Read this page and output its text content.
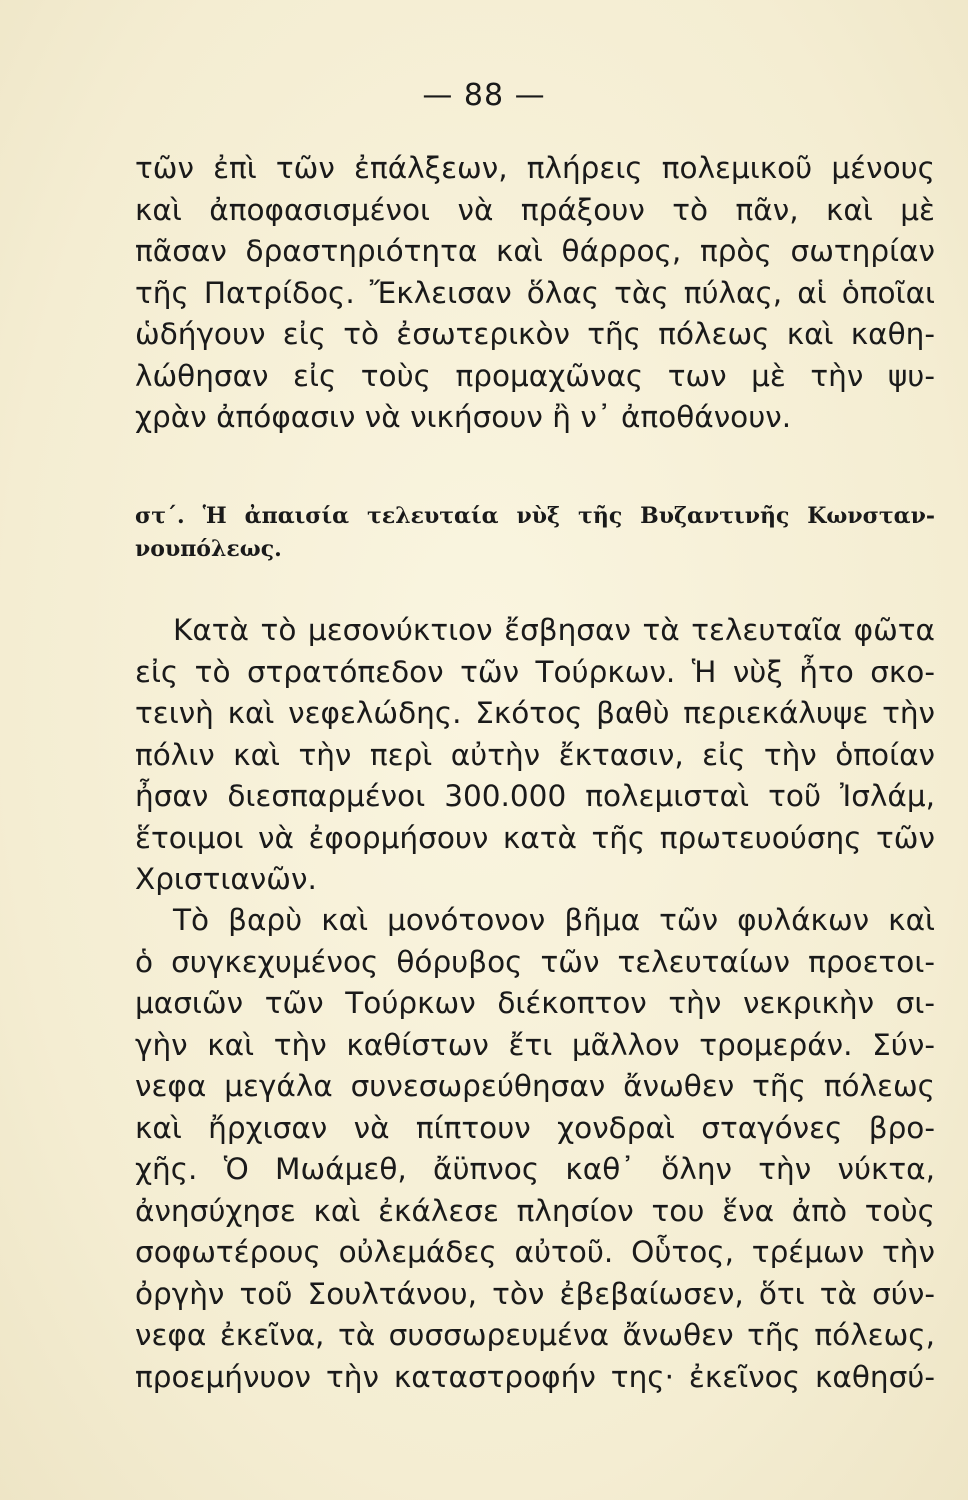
— 88 —
τῶν ἐπὶ τῶν ἐπάλξεων, πλήρεις πολεμικοῦ μένους
καὶ ἀποφασισμένοι νὰ πράξουν τὸ πᾶν, καὶ μὲ
πᾶσαν δραστηριότητα καὶ θάρρος, πρὸς σωτηρίαν
τῆς Πατρίδος. Ἔκλεισαν ὅλας τὰς πύλας, αἱ ὁποῖαι
ὡδήγουν εἰς τὸ ἐσωτερικὸν τῆς πόλεως καὶ καθη-
λώθησαν εἰς τοὺς προμαχῶνας των μὲ τὴν ψυ-
χρὰν ἀπόφασιν νὰ νικήσουν ἢ ν᾿ ἀποθάνουν.
στ΄. Ἡ ἀπαισία τελευταία νὺξ τῆς Βυζαντινῆς Κωνσταν-
νουπόλεως.
Κατὰ τὸ μεσονύκτιον ἔσβησαν τὰ τελευταῖα φῶτα
εἰς τὸ στρατόπεδον τῶν Τούρκων. Ἡ νὺξ ἦτο σκο-
τεινὴ καὶ νεφελώδης. Σκότος βαθὺ περιεκάλυψε τὴν
πόλιν καὶ τὴν περὶ αὐτὴν ἔκτασιν, εἰς τὴν ὁποίαν
ἦσαν διεσπαρμένοι 300.000 πολεμισταὶ τοῦ Ἰσλάμ,
ἕτοιμοι νὰ ἐφορμήσουν κατὰ τῆς πρωτευούσης τῶν
Χριστιανῶν.
Τὸ βαρὺ καὶ μονότονον βῆμα τῶν φυλάκων καὶ
ὁ συγκεχυμένος θόρυβος τῶν τελευταίων προετοι-
μασιῶν τῶν Τούρκων διέκοπτον τὴν νεκρικὴν σι-
γὴν καὶ τὴν καθίστων ἔτι μᾶλλον τρομεράν. Σύν-
νεφα μεγάλα συνεσωρεύθησαν ἄνωθεν τῆς πόλεως
καὶ ἤρχισαν νὰ πίπτουν χονδραὶ σταγόνες βρο-
χῆς. Ὁ Μωάμεθ, ἄϋπνος καθ᾿ ὅλην τὴν νύκτα,
ἀνησύχησε καὶ ἐκάλεσε πλησίον του ἕνα ἀπὸ τοὺς
σοφωτέρους οὐλεμάδες αὐτοῦ. Οὗτος, τρέμων τὴν
ὀργὴν τοῦ Σουλτάνου, τὸν ἐβεβαίωσεν, ὅτι τὰ σύν-
νεφα ἐκεῖνα, τὰ συσσωρευμένα ἄνωθεν τῆς πόλεως,
προεμήνυον τὴν καταστροφήν της· ἐκεῖνος καθησύ-
